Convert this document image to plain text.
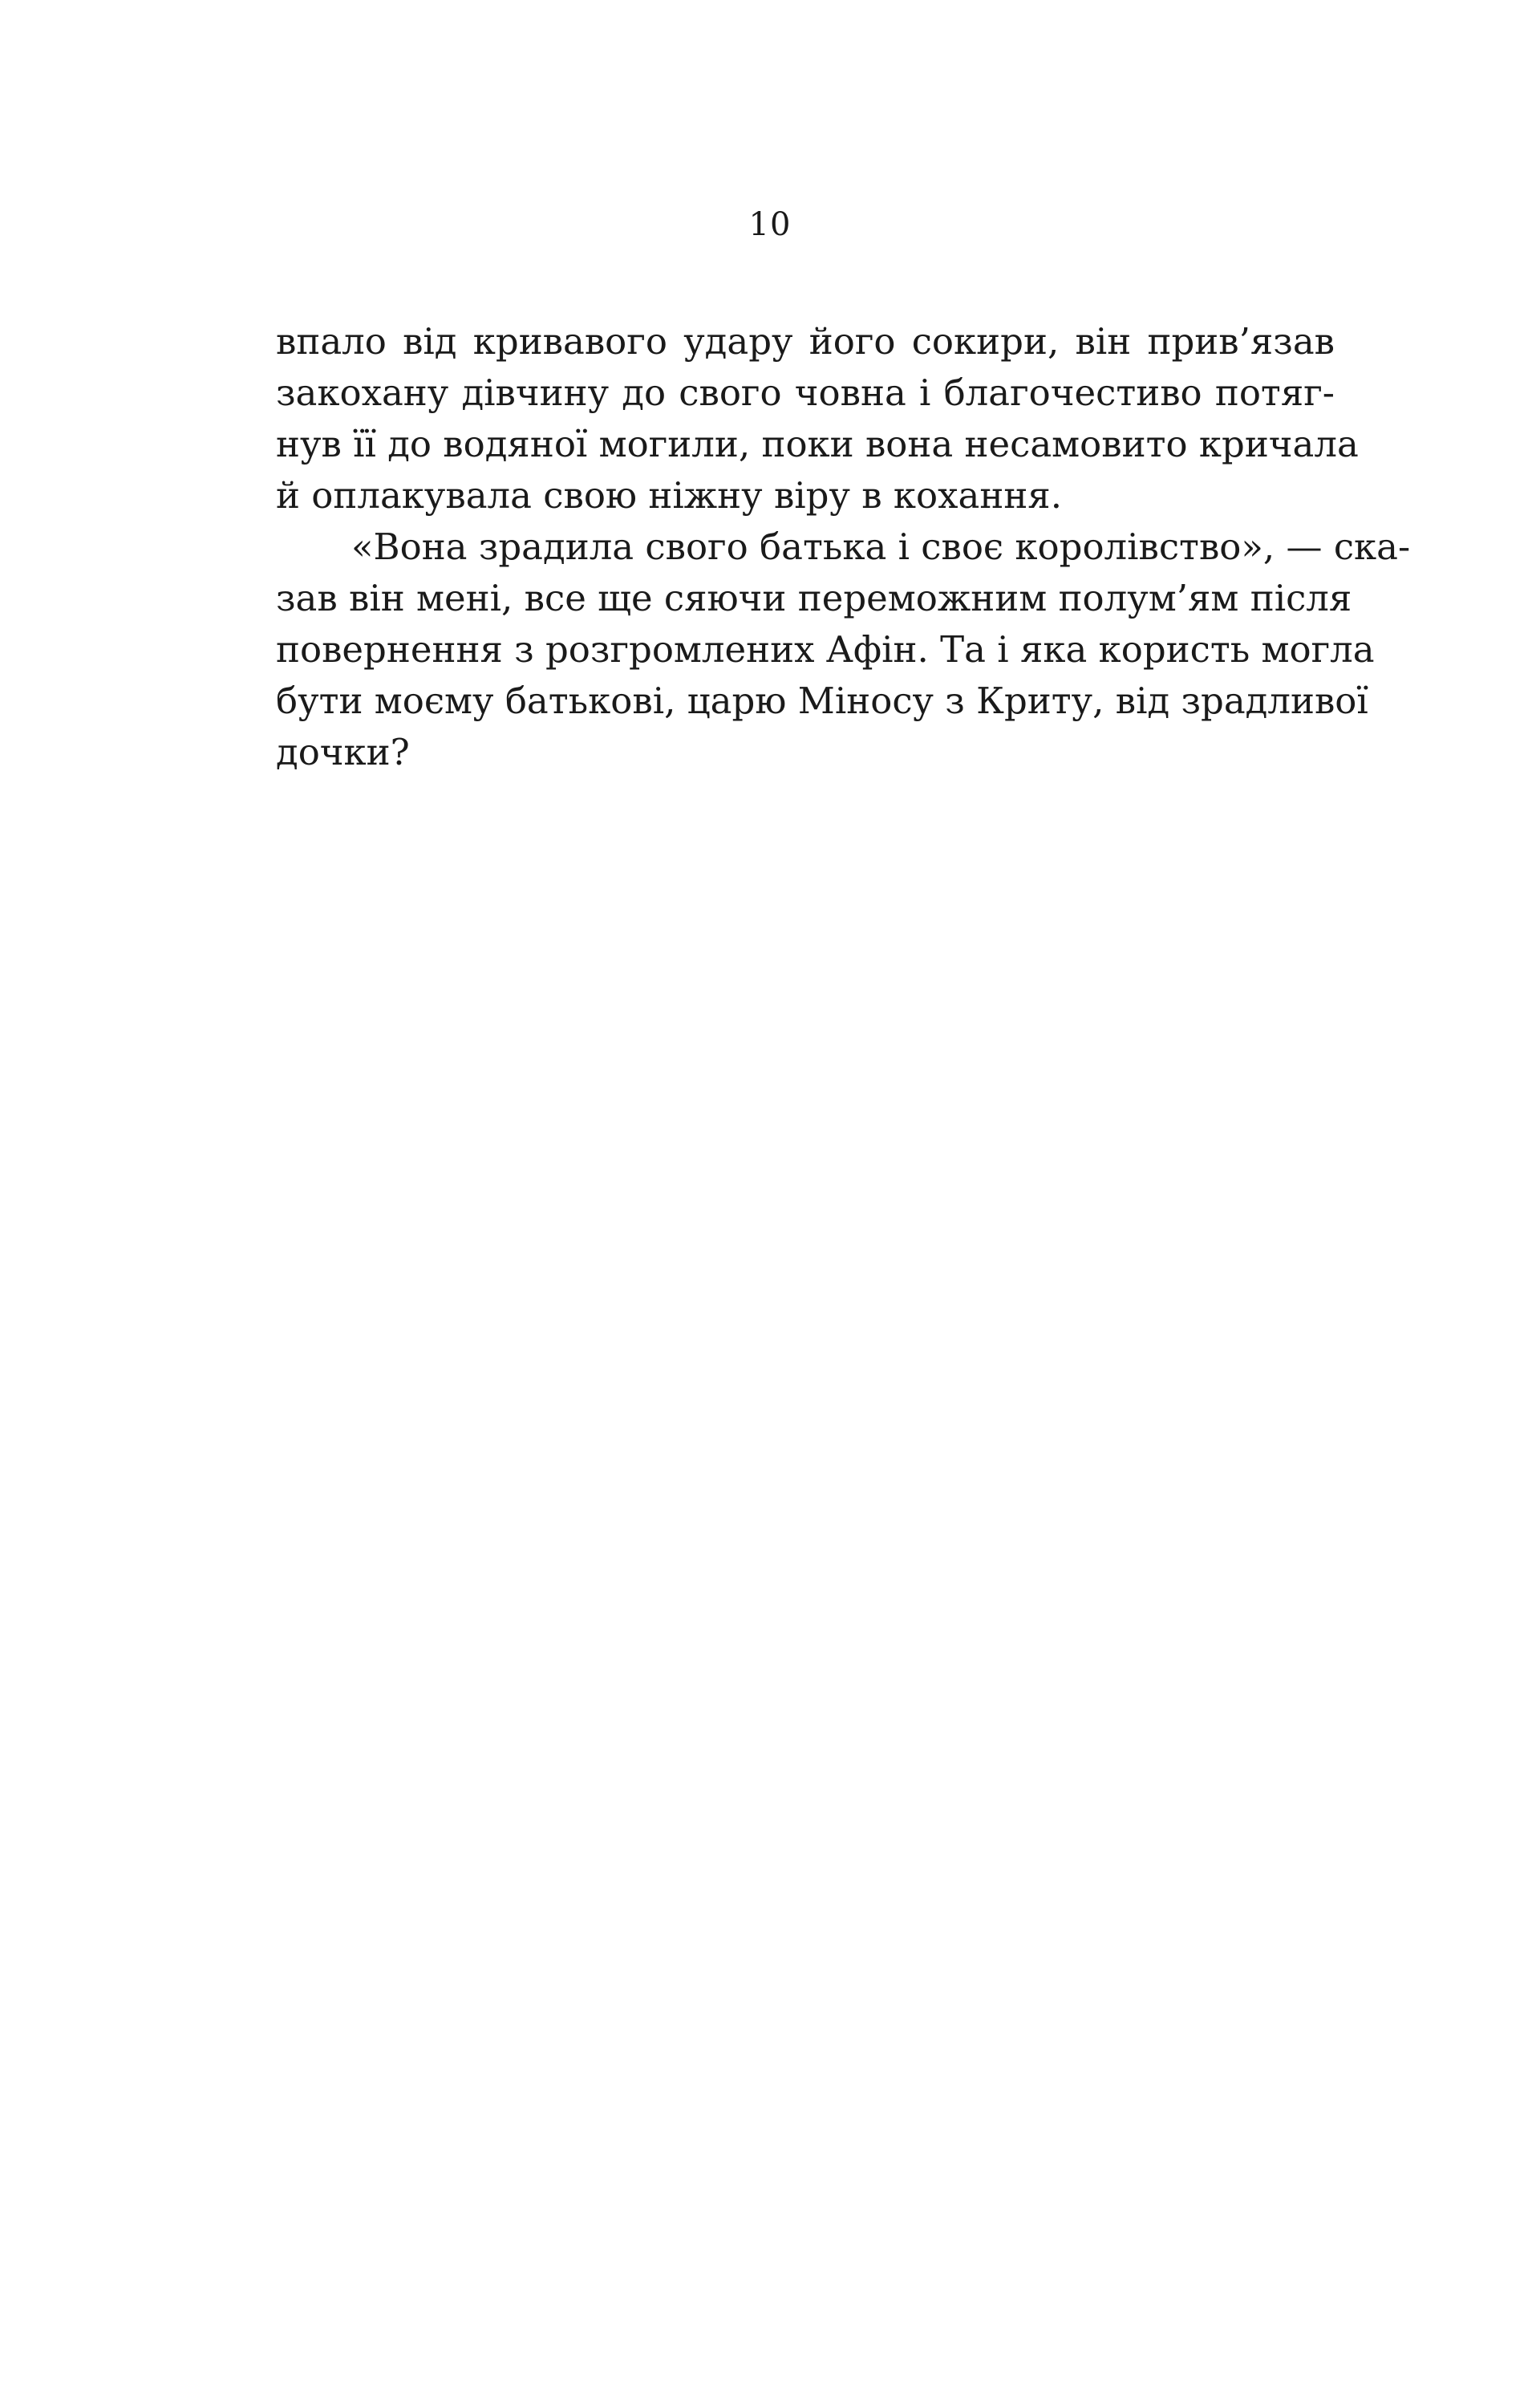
10
впало від кривавого удару його сокири, він прив’язав
закохану дівчину до свого човна і благочестиво потяг-
нув її до водяної могили, поки вона несамовито кричала
й оплакувала свою ніжну віру в кохання.
«Вона зрадила свого батька і своє королівство», — ска-
зав він мені, все ще сяючи переможним полум’ям після
повернення з розгромлених Афін. Та і яка користь могла
бути моєму батькові, царю Міносу з Криту, від зрадливої
дочки?
